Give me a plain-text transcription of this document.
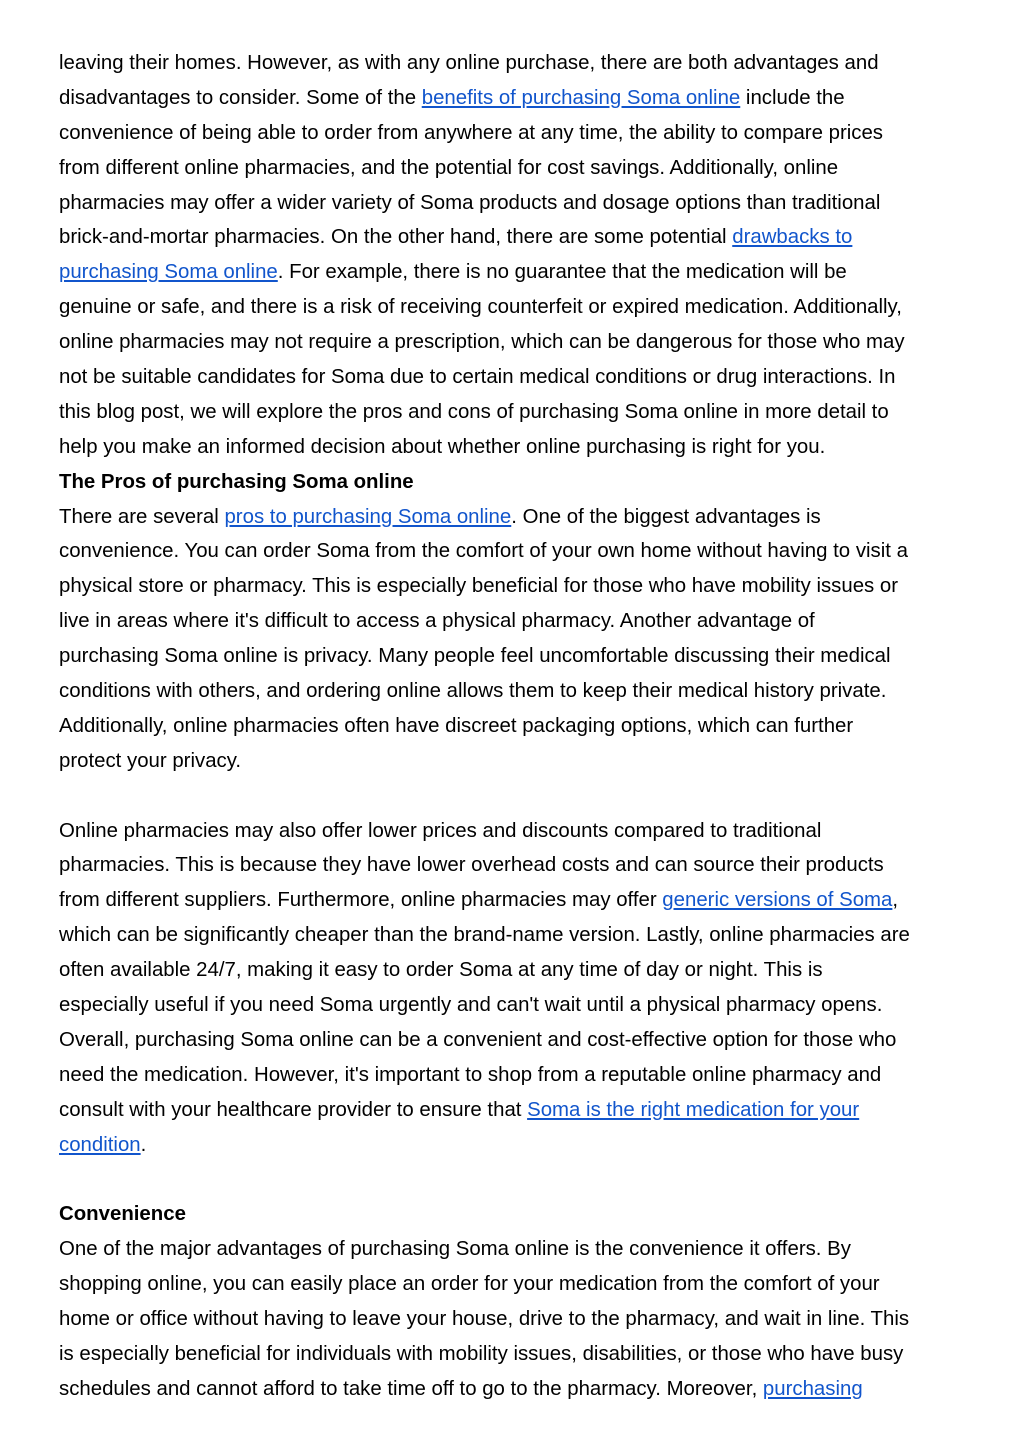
leaving their homes. However, as with any online purchase, there are both advantages and
disadvantages to consider. Some of the benefits of purchasing Soma online include the
convenience of being able to order from anywhere at any time, the ability to compare prices
from different online pharmacies, and the potential for cost savings. Additionally, online
pharmacies may offer a wider variety of Soma products and dosage options than traditional
brick-and-mortar pharmacies. On the other hand, there are some potential drawbacks to
purchasing Soma online. For example, there is no guarantee that the medication will be
genuine or safe, and there is a risk of receiving counterfeit or expired medication. Additionally,
online pharmacies may not require a prescription, which can be dangerous for those who may
not be suitable candidates for Soma due to certain medical conditions or drug interactions. In
this blog post, we will explore the pros and cons of purchasing Soma online in more detail to
help you make an informed decision about whether online purchasing is right for you.
The Pros of purchasing Soma online
There are several pros to purchasing Soma online. One of the biggest advantages is
convenience. You can order Soma from the comfort of your own home without having to visit a
physical store or pharmacy. This is especially beneficial for those who have mobility issues or
live in areas where it's difficult to access a physical pharmacy. Another advantage of
purchasing Soma online is privacy. Many people feel uncomfortable discussing their medical
conditions with others, and ordering online allows them to keep their medical history private.
Additionally, online pharmacies often have discreet packaging options, which can further
protect your privacy.
Online pharmacies may also offer lower prices and discounts compared to traditional
pharmacies. This is because they have lower overhead costs and can source their products
from different suppliers. Furthermore, online pharmacies may offer generic versions of Soma,
which can be significantly cheaper than the brand-name version. Lastly, online pharmacies are
often available 24/7, making it easy to order Soma at any time of day or night. This is
especially useful if you need Soma urgently and can't wait until a physical pharmacy opens.
Overall, purchasing Soma online can be a convenient and cost-effective option for those who
need the medication. However, it's important to shop from a reputable online pharmacy and
consult with your healthcare provider to ensure that Soma is the right medication for your
condition.
Convenience
One of the major advantages of purchasing Soma online is the convenience it offers. By
shopping online, you can easily place an order for your medication from the comfort of your
home or office without having to leave your house, drive to the pharmacy, and wait in line. This
is especially beneficial for individuals with mobility issues, disabilities, or those who have busy
schedules and cannot afford to take time off to go to the pharmacy. Moreover, purchasing
